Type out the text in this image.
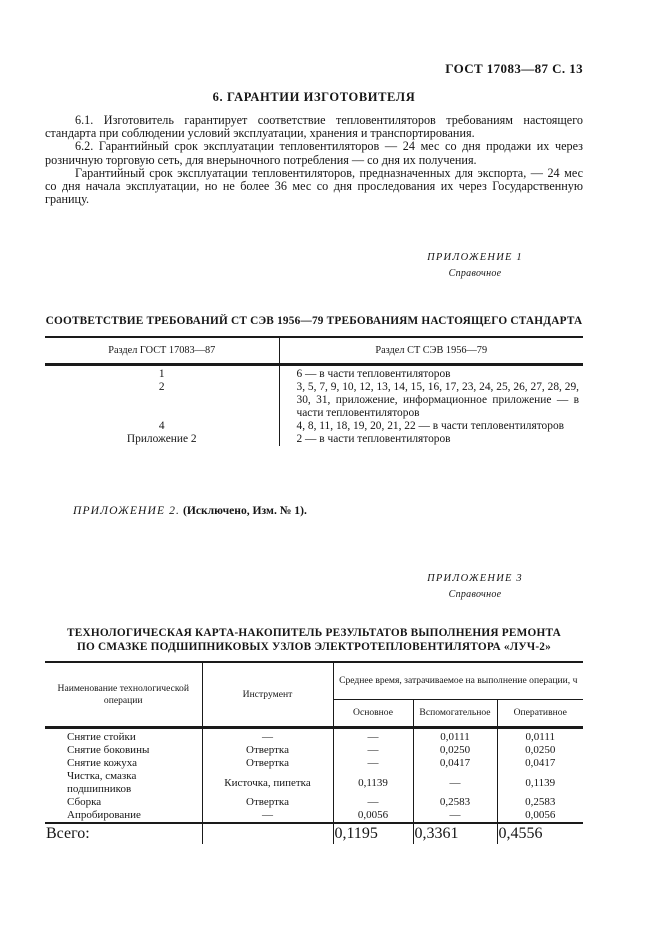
ГОСТ 17083—87 С. 13
6. ГАРАНТИИ ИЗГОТОВИТЕЛЯ

6.1. Изготовитель гарантирует соответствие тепловентиляторов требованиям настоящего стандарта при соблюдении условий эксплуатации, хранения и транспортирования.

6.2. Гарантийный срок эксплуатации тепловентиляторов — 24 мес со дня продажи их через розничную торговую сеть, для внерыночного потребления — со дня их получения.

Гарантийный срок эксплуатации тепловентиляторов, предназначенных для экспорта, — 24 мес со дня начала эксплуатации, но не более 36 мес со дня проследования их через Государственную границу.

ПРИЛОЖЕНИЕ 1
Справочное
СООТВЕТСТВИЕ ТРЕБОВАНИЙ СТ СЭВ 1956—79 ТРЕБОВАНИЯМ НАСТОЯЩЕГО СТАНДАРТА
Раздел ГОСТ 17083—87	Раздел СТ СЭВ 1956—79
1	6 — в части тепловентиляторов
2	3, 5, 7, 9, 10, 12, 13, 14, 15, 16, 17, 23, 24, 25, 26, 27, 28, 29, 30, 31, приложение, информационное приложение — в части тепловентиляторов
4	4, 8, 11, 18, 19, 20, 21, 22 — в части тепловентиляторов
Приложение 2	2 — в части тепловентиляторов
ПРИЛОЖЕНИЕ 2. (Исключено, Изм. № 1).
ПРИЛОЖЕНИЕ 3
Справочное
ТЕХНОЛОГИЧЕСКАЯ КАРТА-НАКОПИТЕЛЬ РЕЗУЛЬТАТОВ ВЫПОЛНЕНИЯ РЕМОНТА
ПО СМАЗКЕ ПОДШИПНИКОВЫХ УЗЛОВ ЭЛЕКТРОТЕПЛОВЕНТИЛЯТОРА «ЛУЧ-2»
Наименование технологической операции	Инструмент	Среднее время, затрачиваемое на выполнение операции, ч		
		Основное	Вспомогательное	Оперативное
Снятие стойки	—	—	0,0111	0,0111
Снятие боковины	Отвертка	—	0,0250	0,0250
Снятие кожуха	Отвертка	—	0,0417	0,0417
Чистка, смазка подшипников	Кисточка, пипетка	0,1139	—	0,1139
Сборка	Отвертка	—	0,2583	0,2583
Апробирование	—	0,0056	—	0,0056
Всего:		0,1195	0,3361	0,4556
